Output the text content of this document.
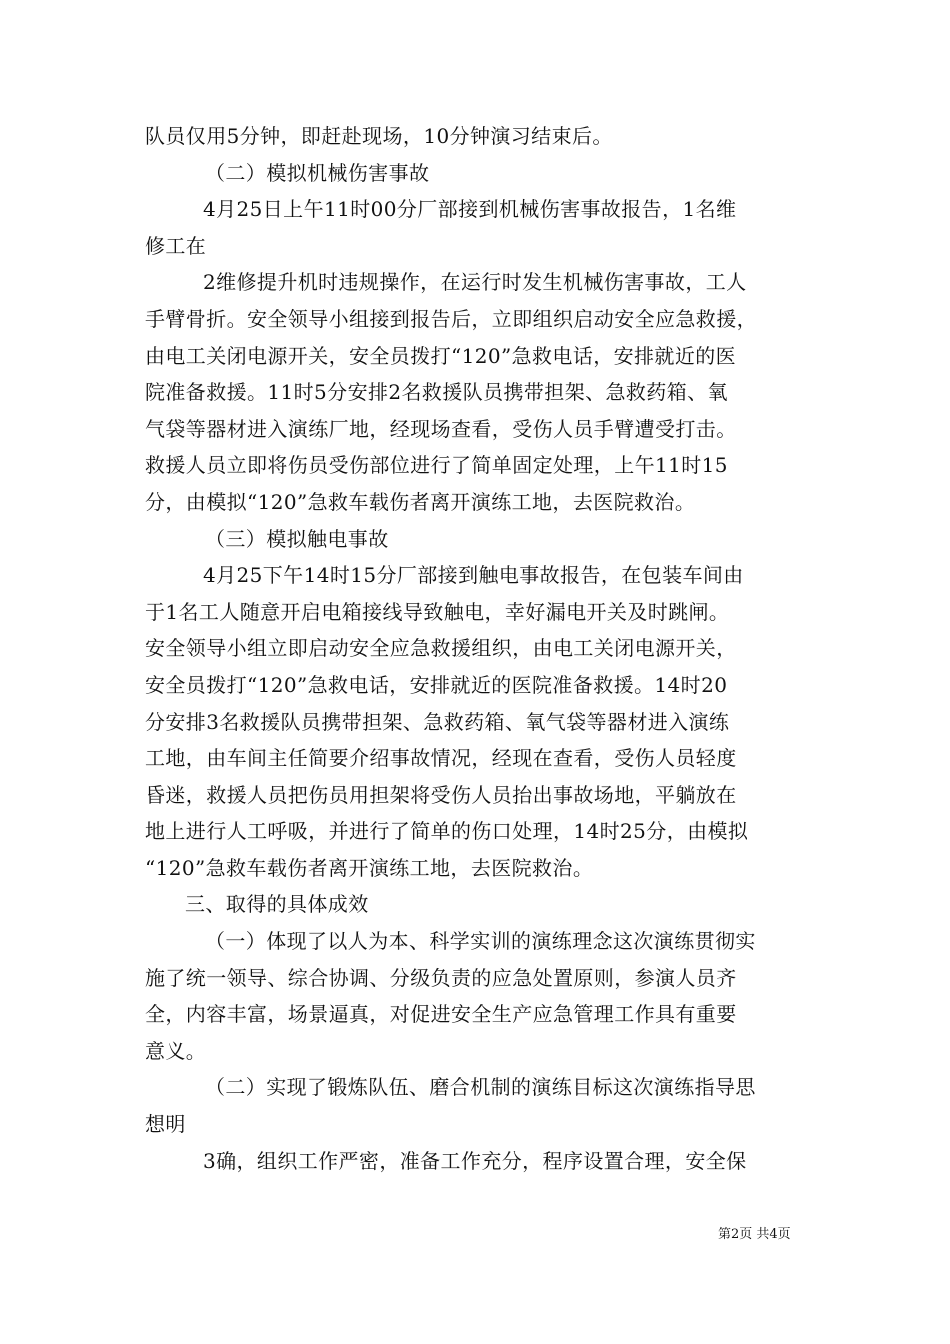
队员仅用5分钟，即赶赴现场，10分钟演习结束后。
（二）模拟机械伤害事故
4月25日上午11时00分厂部接到机械伤害事故报告，1名维
修工在
2维修提升机时违规操作，在运行时发生机械伤害事故，工人
手臂骨折。安全领导小组接到报告后，立即组织启动安全应急救援，
由电工关闭电源开关，安全员拨打“120”急救电话，安排就近的医
院准备救援。11时5分安排2名救援队员携带担架、急救药箱、氧
气袋等器材进入演练厂地，经现场查看，受伤人员手臂遭受打击。
救援人员立即将伤员受伤部位进行了简单固定处理，上午11时15
分，由模拟“120”急救车载伤者离开演练工地，去医院救治。
（三）模拟触电事故
4月25下午14时15分厂部接到触电事故报告，在包装车间由
于1名工人随意开启电箱接线导致触电，幸好漏电开关及时跳闸。
安全领导小组立即启动安全应急救援组织，由电工关闭电源开关，
安全员拨打“120”急救电话，安排就近的医院准备救援。14时20
分安排3名救援队员携带担架、急救药箱、氧气袋等器材进入演练
工地，由车间主任简要介绍事故情况，经现在查看，受伤人员轻度
昏迷，救援人员把伤员用担架将受伤人员抬出事故场地，平躺放在
地上进行人工呼吸，并进行了简单的伤口处理，14时25分，由模拟
“120”急救车载伤者离开演练工地，去医院救治。
三、取得的具体成效
（一）体现了以人为本、科学实训的演练理念这次演练贯彻实
施了统一领导、综合协调、分级负责的应急处置原则，参演人员齐
全，内容丰富，场景逼真，对促进安全生产应急管理工作具有重要
意义。
（二）实现了锻炼队伍、磨合机制的演练目标这次演练指导思
想明
3确，组织工作严密，准备工作充分，程序设置合理，安全保
第2页 共4页
